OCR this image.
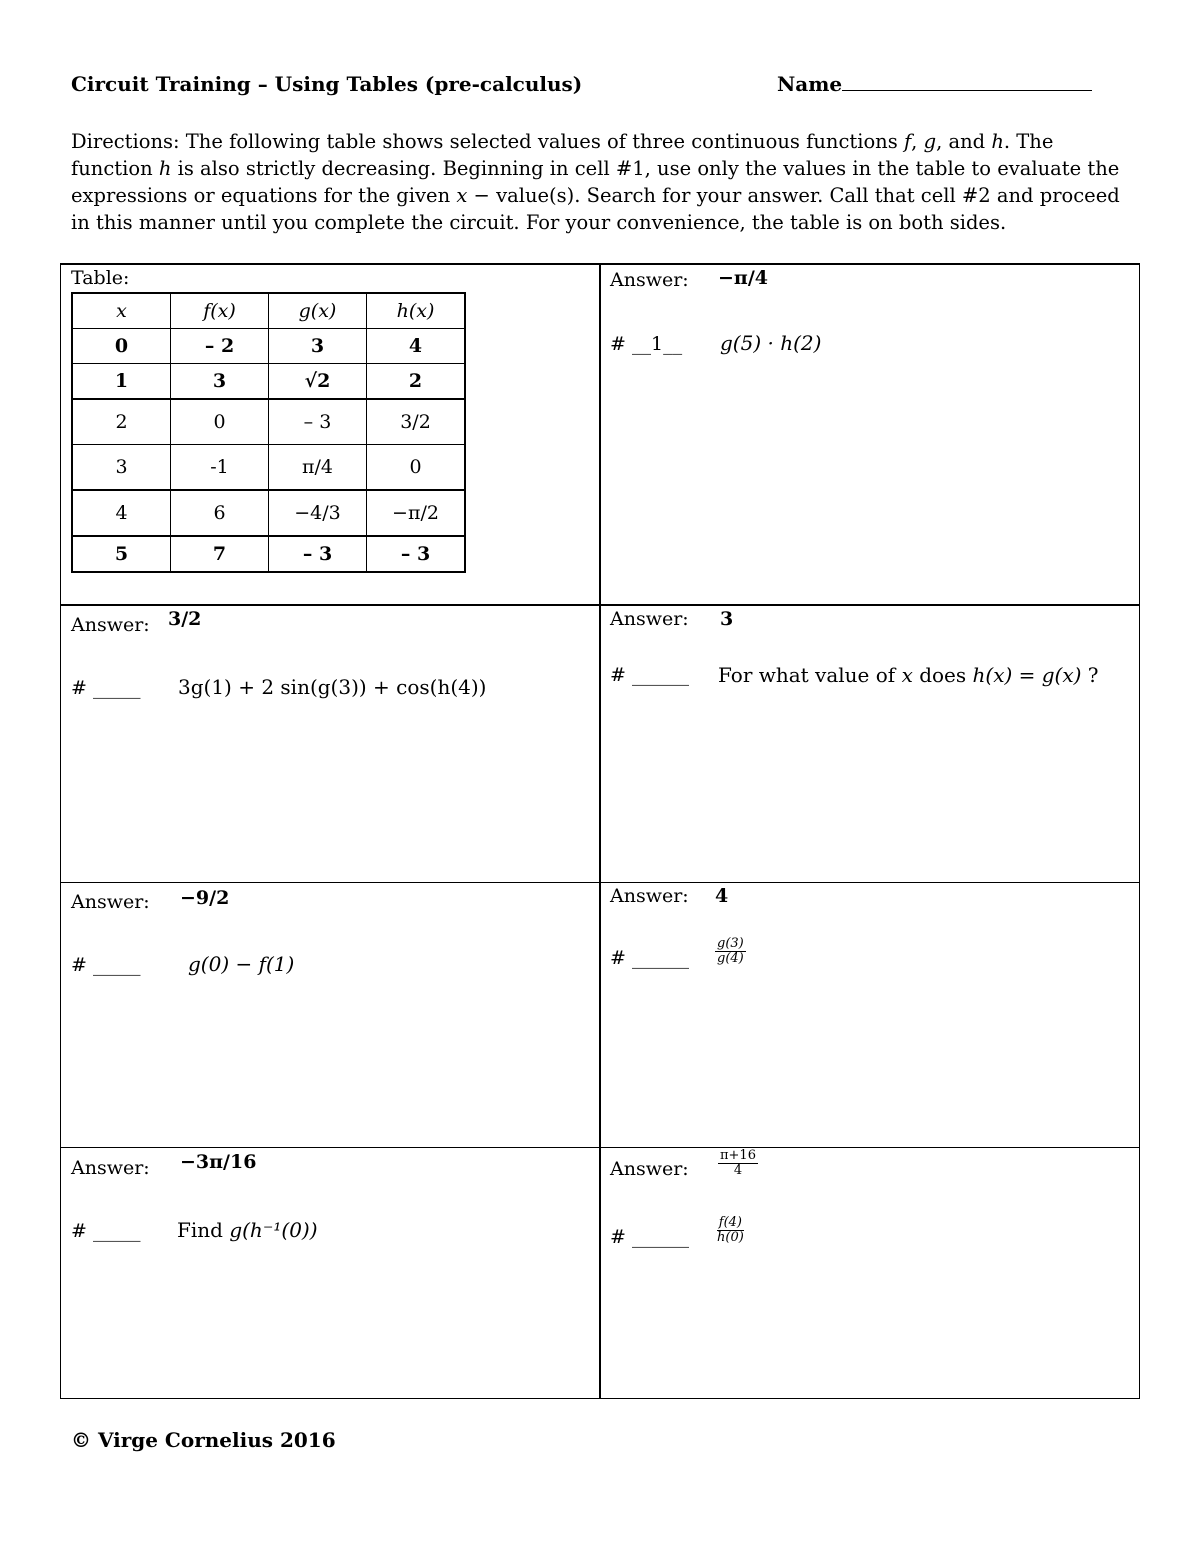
Circuit Training – Using Tables (pre-calculus)	Name
Directions: The following table shows selected values of three continuous functions f, g, and h. The function h is also strictly decreasing. Beginning in cell #1, use only the values in the table to evaluate the expressions or equations for the given x − value(s). Search for your answer. Call that cell #2 and proceed in this manner until you complete the circuit. For your convenience, the table is on both sides.
Table:
x	f(x)	g(x)	h(x)
0	– 2	3	4
1	3	√2	2
2	0	– 3	3/2
3	-1	π/4	0
4	6	−4/3	−π/2
5	7	– 3	– 3
Answer: −π/4
# __1__ g(5) · h(2)
Answer: 3/2
# _____ 3g(1) + 2 sin(g(3)) + cos(h(4))
Answer: 3
# ______ For what value of x does h(x) = g(x) ?
Answer: −9/2
# _____ g(0) − f(1)
Answer: 4
# ______ $\frac{g(3)}{g(4)}$
Answer: −3π/16
# _____ Find g(h⁻¹(0))
Answer: $\frac{\pi+16}{4}$
# ______ $\frac{f(4)}{h(0)}$
© Virge Cornelius 2016
